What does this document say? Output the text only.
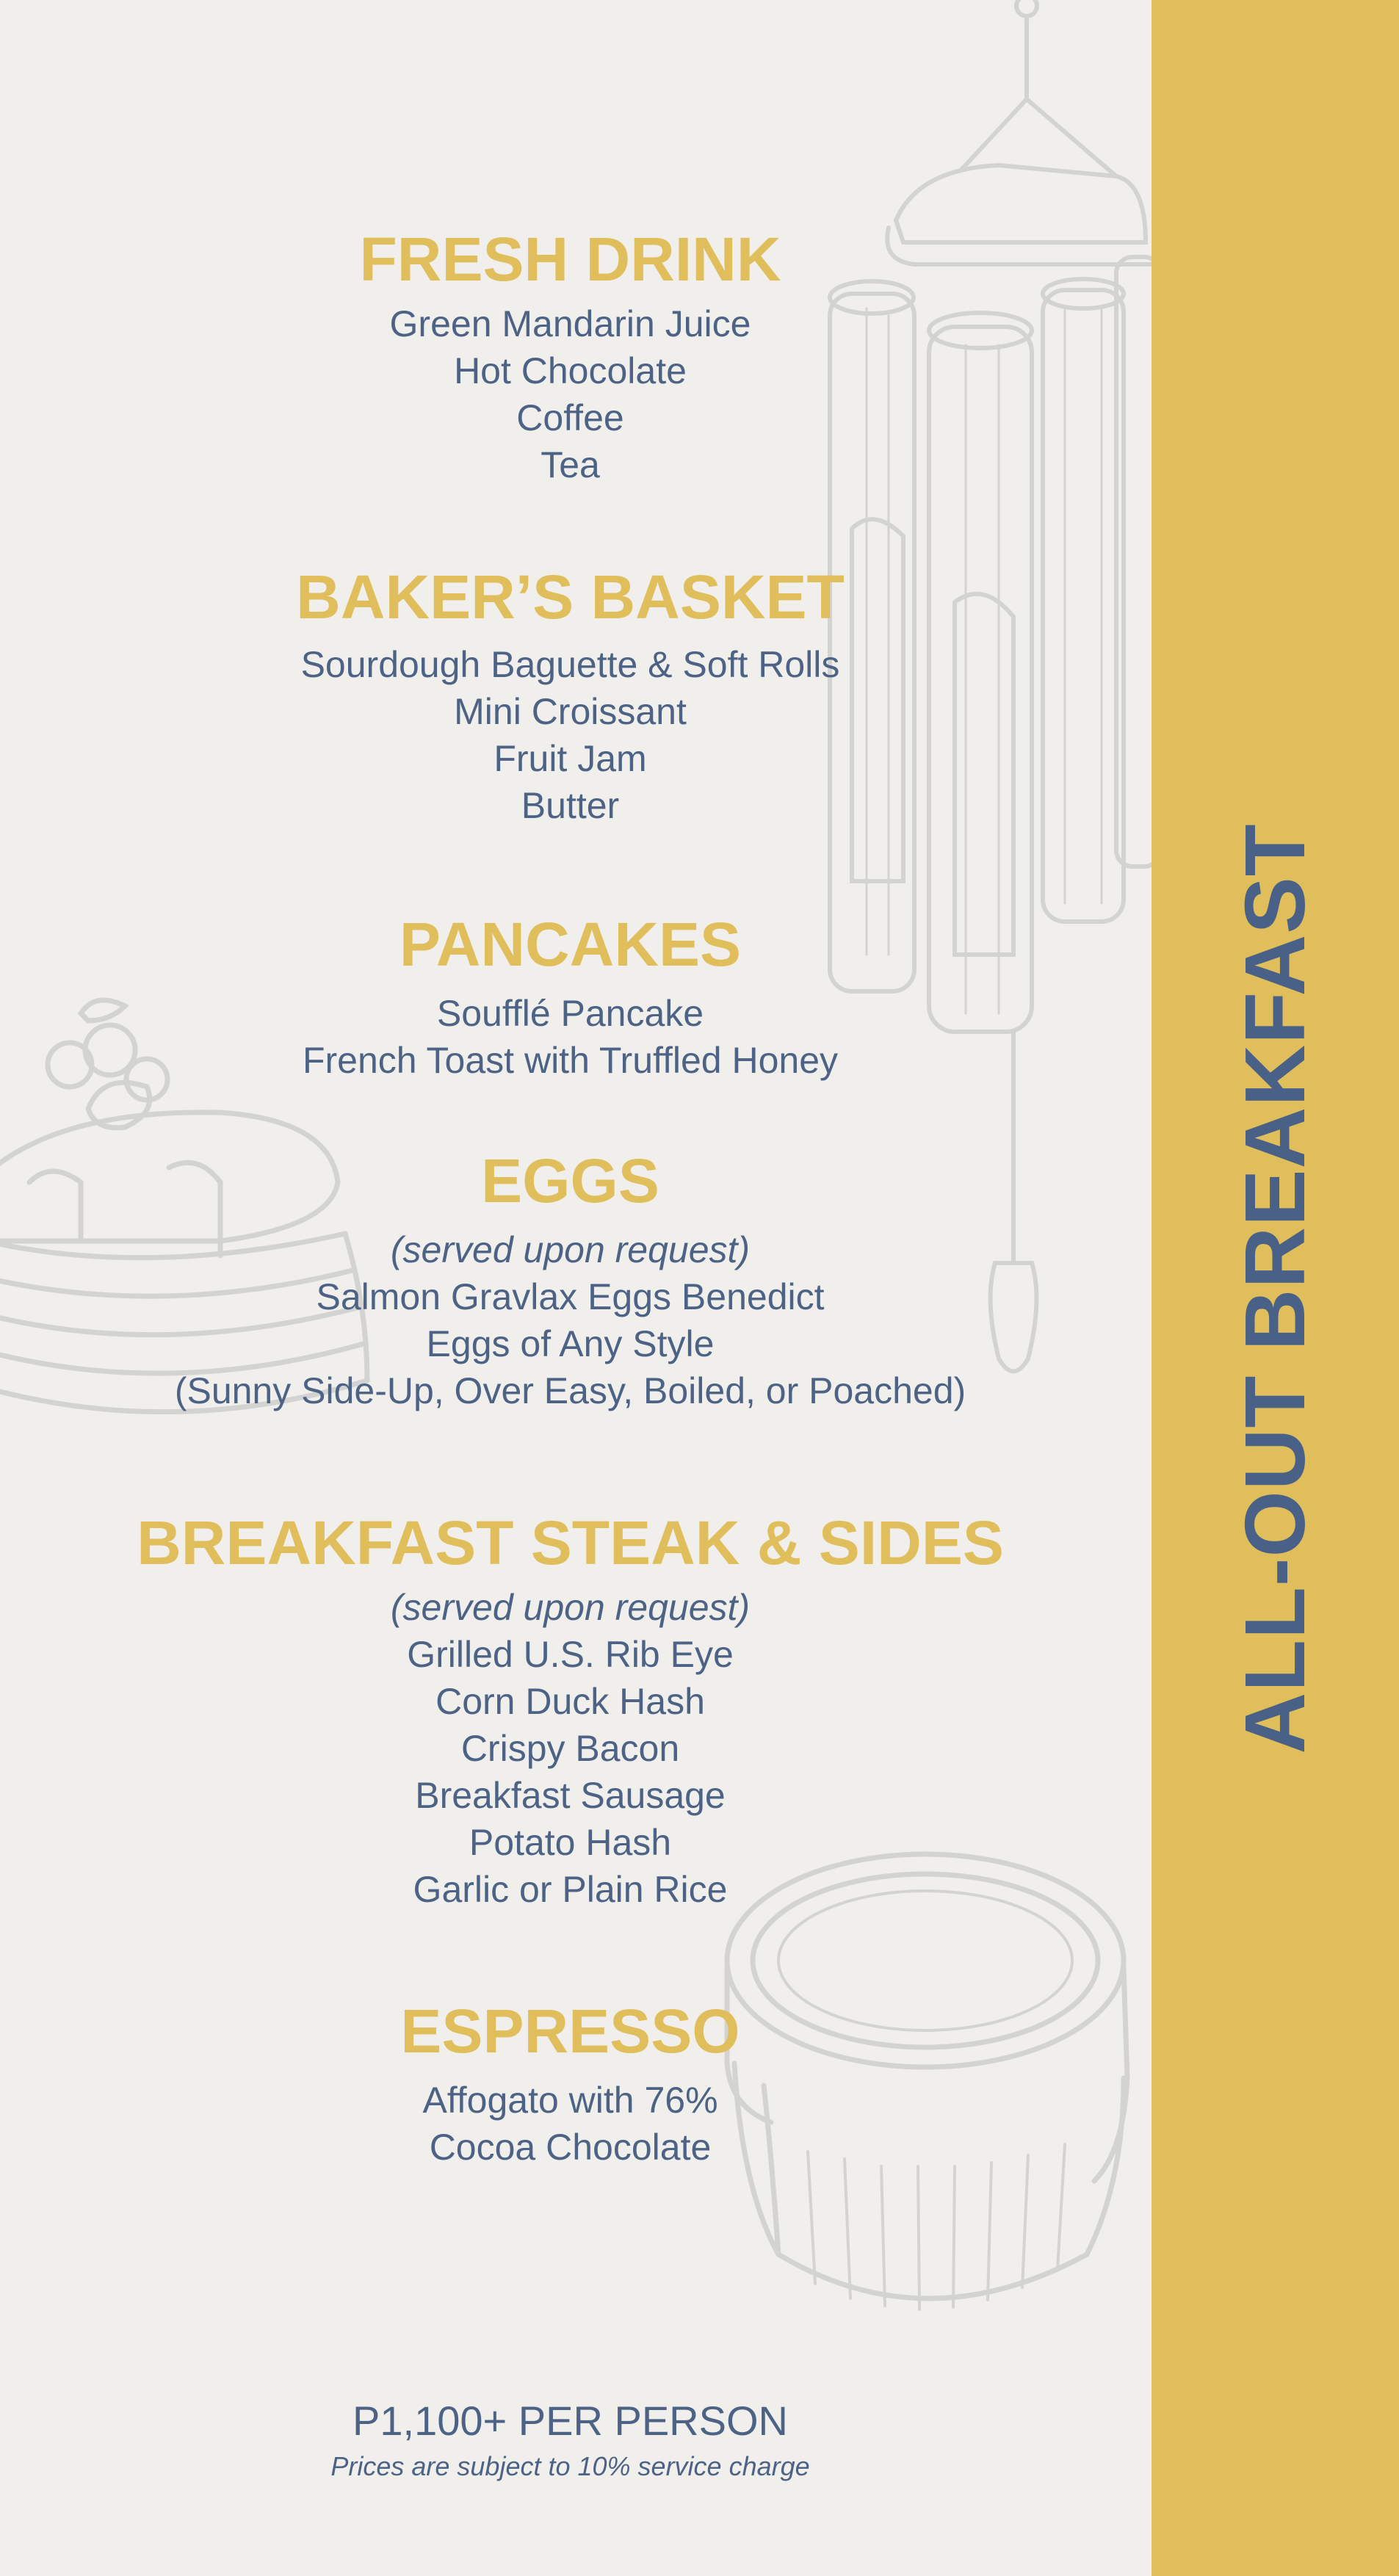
FRESH DRINK
Green Mandarin Juice
Hot Chocolate
Coffee
Tea
BAKER’S BASKET
Sourdough Baguette & Soft Rolls
Mini Croissant
Fruit Jam
Butter
PANCAKES
Soufflé Pancake
French Toast with Truffled Honey
EGGS
(served upon request)
Salmon Gravlax Eggs Benedict
Eggs of Any Style
(Sunny Side-Up, Over Easy, Boiled, or Poached)
BREAKFAST STEAK & SIDES
(served upon request)
Grilled U.S. Rib Eye
Corn Duck Hash
Crispy Bacon
Breakfast Sausage
Potato Hash
Garlic or Plain Rice
ESPRESSO
Affogato with 76%
Cocoa Chocolate
P1,100+ PER PERSON
Prices are subject to 10% service charge
ALL-OUT BREAKFAST
